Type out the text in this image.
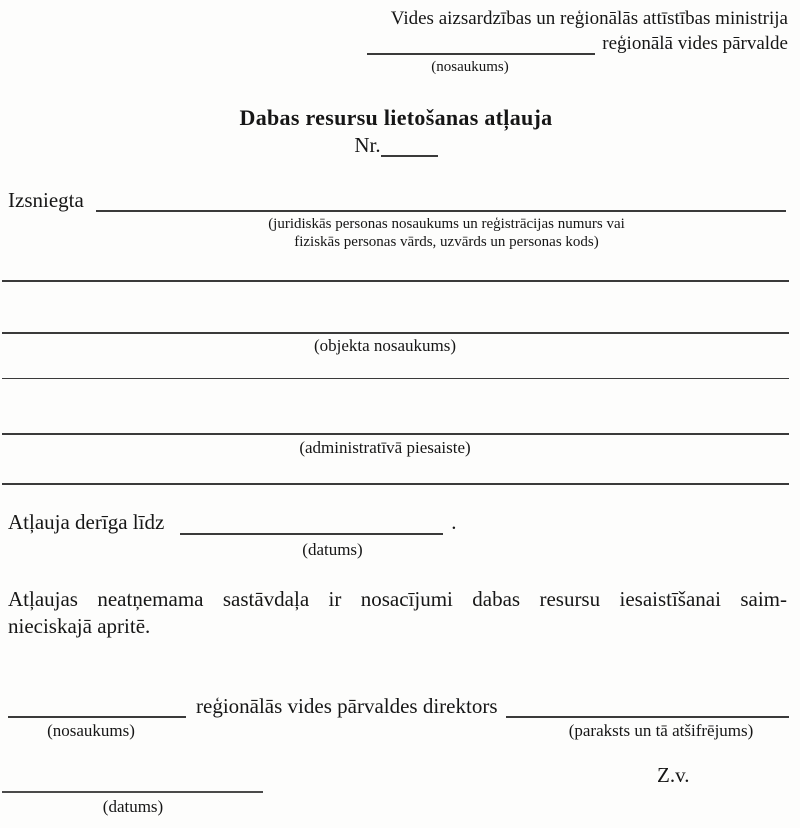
Vides aizsardzības un reģionālās attīstības ministrija
reģionālā vides pārvalde
(nosaukums)
Dabas resursu lietošanas atļauja
Nr.
Izsniegta
(juridiskās personas nosaukums un reģistrācijas numurs vai
fiziskās personas vārds, uzvārds un personas kods)
(objekta nosaukums)
(administratīvā piesaiste)
Atļauja derīga līdz	.
(datums)
Atļaujas neatņemama sastāvdaļa ir nosacījumi dabas resursu iesaistīšanai saim-
nieciskajā apritē.
reģionālās vides pārvaldes direktors
(nosaukums)	(paraksts un tā atšifrējums)
Z.v.
(datums)
